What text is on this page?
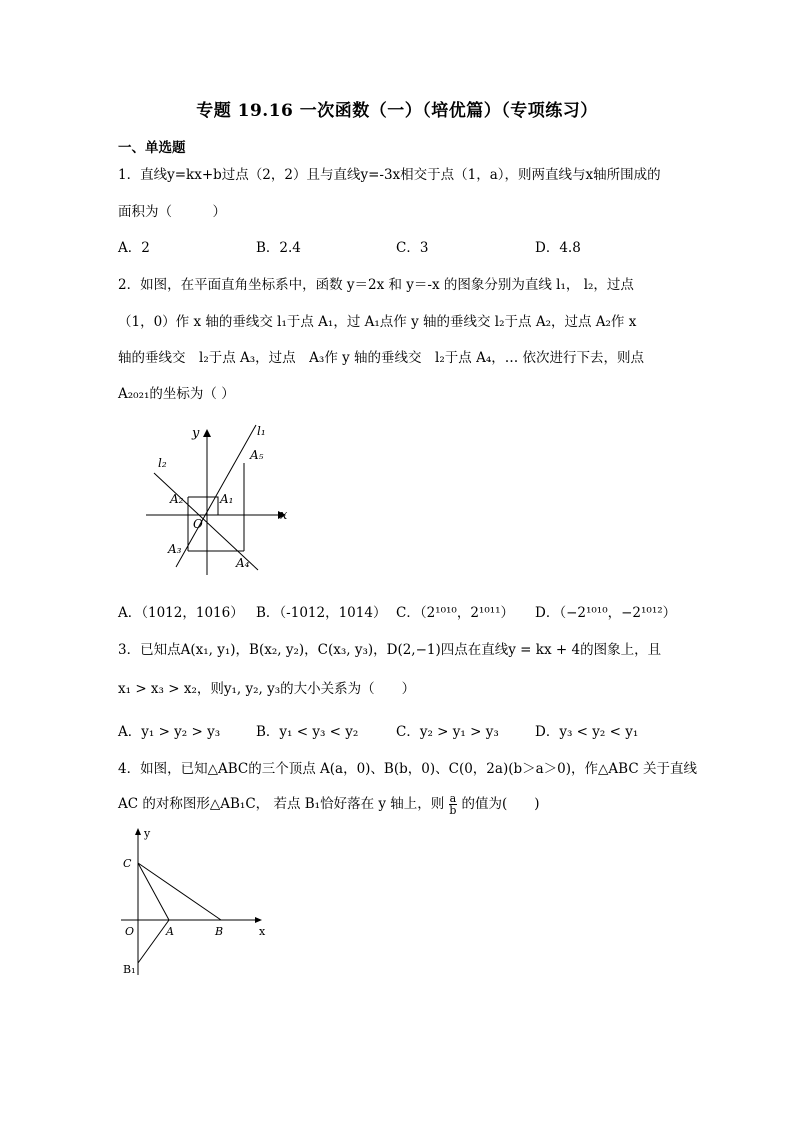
专题 19.16 一次函数（一）（培优篇）（专项练习）
一、单选题
1．直线y=kx+b过点（2，2）且与直线y=-3x相交于点（1，a），则两直线与x轴所围成的
面积为（　　　）
A．2	B．2.4	C．3	D．4.8
2．如图，在平面直角坐标系中，函数 y＝2x 和 y＝-x 的图象分别为直线 l₁， l₂，过点
（1，0）作 x 轴的垂线交 l₁于点 A₁，过 A₁点作 y 轴的垂线交 l₂于点 A₂，过点 A₂作 x
轴的垂线交　l₂于点 A₃，过点　A₃作 y 轴的垂线交　l₂于点 A₄，… 依次进行下去，则点
A₂₀₂₁的坐标为（ ）
y
x
O
l₁
l₂
A₁
A₂
A₃
A₄
A₅
A．（1012，1016） B．（-1012，1014） C．（2¹⁰¹⁰，2¹⁰¹¹） D．（−2¹⁰¹⁰，−2¹⁰¹²）
3．已知点A(x₁, y₁)，B(x₂, y₂)，C(x₃, y₃)，D(2,−1)四点在直线y = kx + 4的图象上，且
x₁ > x₃ > x₂，则y₁, y₂, y₃的大小关系为（　　）
A．y₁ > y₂ > y₃	B．y₁ < y₃ < y₂	C．y₂ > y₁ > y₃	D．y₃ < y₂ < y₁
4．如图，已知△ABC的三个顶点 A(a，0)、B(b，0)、C(0，2a)(b＞a＞0)，作△ABC 关于直线
AC 的对称图形△AB₁C， 若点 B₁恰好落在 y 轴上，则 $\frac{a}{b}$ 的值为(　　)
y
x
C
O	A	B
B₁
